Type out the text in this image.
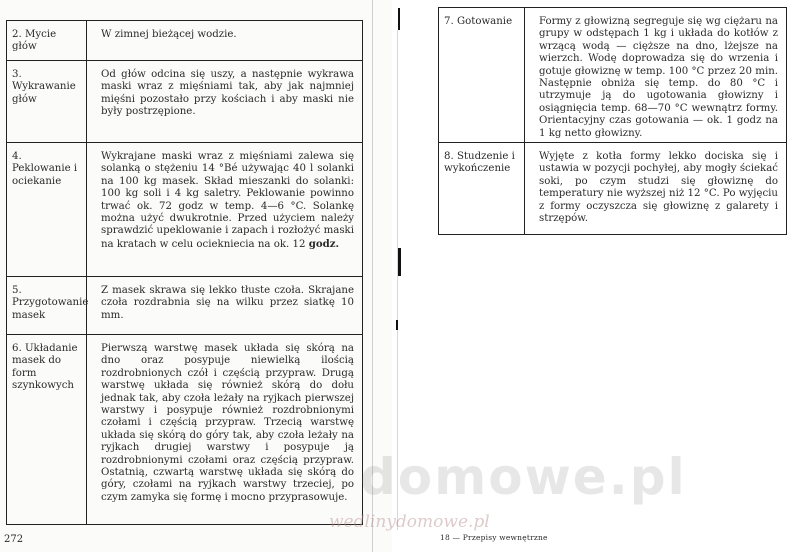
2. Mycie głów	W zimnej bieżącej wodzie.

3. Wykrawanie głów	Od głów odcina się uszy, a następnie wykrawa maski wraz z mięśniami tak, aby jak najmniej mięśni pozostało przy kościach i aby maski nie były postrzępione.

4. Peklowanie i ociekanie	Wykrajane maski wraz z mięśniami zalewa się solanką o stężeniu 14 °Bé używając 40 l solanki na 100 kg masek. Skład mieszanki do solanki: 100 kg soli i 4 kg saletry. Peklowanie powinno trwać ok. 72 godz w temp. 4—6 °C. Solankę można użyć dwukrotnie. Przed użyciem należy sprawdzić upeklowanie i zapach i rozłożyć maski na kratach w celu ociekniecia na ok. 12 godz.

5. Przygotowanie masek	Z masek skrawa się lekko tłuste czoła. Skrajane czoła rozdrabnia się na wilku przez siatkę 10 mm.

6. Układanie masek do form szynkowych	Pierwszą warstwę masek układa się skórą na dno oraz posypuje niewielką ilością rozdrobnionych czół i częścią przypraw. Drugą warstwę układa się również skórą do dołu jednak tak, aby czoła leżały na ryjkach pierwszej warstwy i posypuje również rozdrobnionymi czołami i częścią przypraw. Trzecią warstwę układa się skórą do góry tak, aby czoła leżały na ryjkach drugiej warstwy i posypuje ją rozdrobnionymi czołami oraz częścią przypraw. Ostatnią, czwartą warstwę układa się skórą do góry, czołami na ryjkach warstwy trzeciej, po czym zamyka się formę i mocno przyprasowuje.
7. Gotowanie	Formy z głowizną segreguje się wg ciężaru na grupy w odstępach 1 kg i układa do kotłów z wrzącą wodą — cięższe na dno, lżejsze na wierzch. Wodę doprowadza się do wrzenia i gotuje głowiznę w temp. 100 °C przez 20 min. Następnie obniża się temp. do 80 °C i utrzymuje ją do ugotowania głowizny i osiągnięcia temp. 68—70 °C wewnątrz formy. Orientacyjny czas gotowania — ok. 1 godz na 1 kg netto głowizny.

8. Studzenie i wykończenie	Wyjęte z kotła formy lekko dociska się i ustawia w pozycji pochyłej, aby mogły ściekać soki, po czym studzi się głowiznę do temperatury nie wyższej niż 12 °C. Po wyjęciu z formy oczyszcza się głowiznę z galarety i strzępów.
domowe.pl
wedlinydomowe.pl
272	18 — Przepisy wewnętrzne
